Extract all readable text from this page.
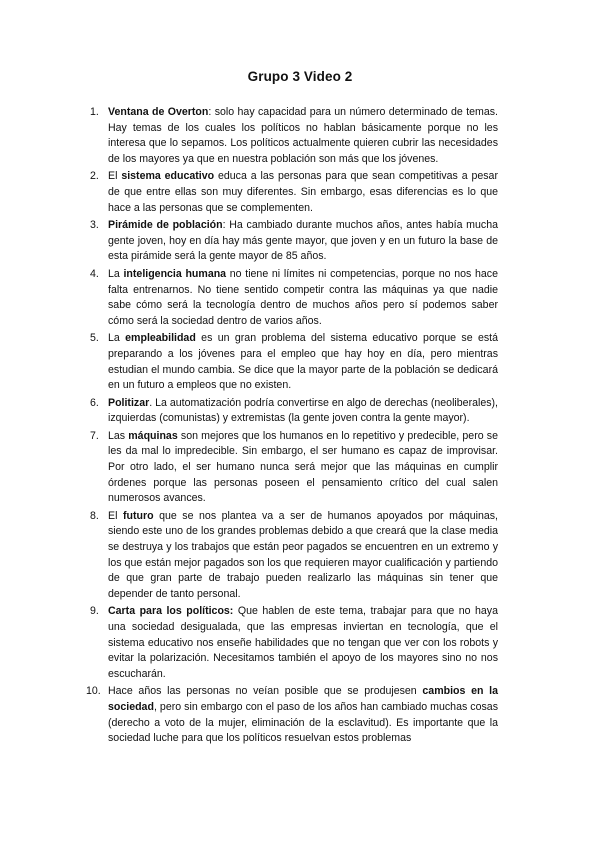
Grupo 3 Video 2
1. Ventana de Overton: solo hay capacidad para un número determinado de temas. Hay temas de los cuales los políticos no hablan básicamente porque no les interesa que lo sepamos. Los políticos actualmente quieren cubrir las necesidades de los mayores ya que en nuestra población son más que los jóvenes.
2. El sistema educativo educa a las personas para que sean competitivas a pesar de que entre ellas son muy diferentes. Sin embargo, esas diferencias es lo que hace a las personas que se complementen.
3. Pirámide de población: Ha cambiado durante muchos años, antes había mucha gente joven, hoy en día hay más gente mayor, que joven y en un futuro la base de esta pirámide será la gente mayor de 85 años.
4. La inteligencia humana no tiene ni límites ni competencias, porque no nos hace falta entrenarnos. No tiene sentido competir contra las máquinas ya que nadie sabe cómo será la tecnología dentro de muchos años pero sí podemos saber cómo será la sociedad dentro de varios años.
5. La empleabilidad es un gran problema del sistema educativo porque se está preparando a los jóvenes para el empleo que hay hoy en día, pero mientras estudian el mundo cambia. Se dice que la mayor parte de la población se dedicará en un futuro a empleos que no existen.
6. Politizar. La automatización podría convertirse en algo de derechas (neoliberales), izquierdas (comunistas) y extremistas (la gente joven contra la gente mayor).
7. Las máquinas son mejores que los humanos en lo repetitivo y predecible, pero se les da mal lo impredecible. Sin embargo, el ser humano es capaz de improvisar. Por otro lado, el ser humano nunca será mejor que las máquinas en cumplir órdenes porque las personas poseen el pensamiento crítico del cual salen numerosos avances.
8. El futuro que se nos plantea va a ser de humanos apoyados por máquinas, siendo este uno de los grandes problemas debido a que creará que la clase media se destruya y los trabajos que están peor pagados se encuentren en un extremo y los que están mejor pagados son los que requieren mayor cualificación y partiendo de que gran parte de trabajo pueden realizarlo las máquinas sin tener que depender de tanto personal.
9. Carta para los políticos: Que hablen de este tema, trabajar para que no haya una sociedad desigualada, que las empresas inviertan en tecnología, que el sistema educativo nos enseñe habilidades que no tengan que ver con los robots y evitar la polarización. Necesitamos también el apoyo de los mayores sino no nos escucharán.
10. Hace años las personas no veían posible que se produjesen cambios en la sociedad, pero sin embargo con el paso de los años han cambiado muchas cosas (derecho a voto de la mujer, eliminación de la esclavitud). Es importante que la sociedad luche para que los políticos resuelvan estos problemas
